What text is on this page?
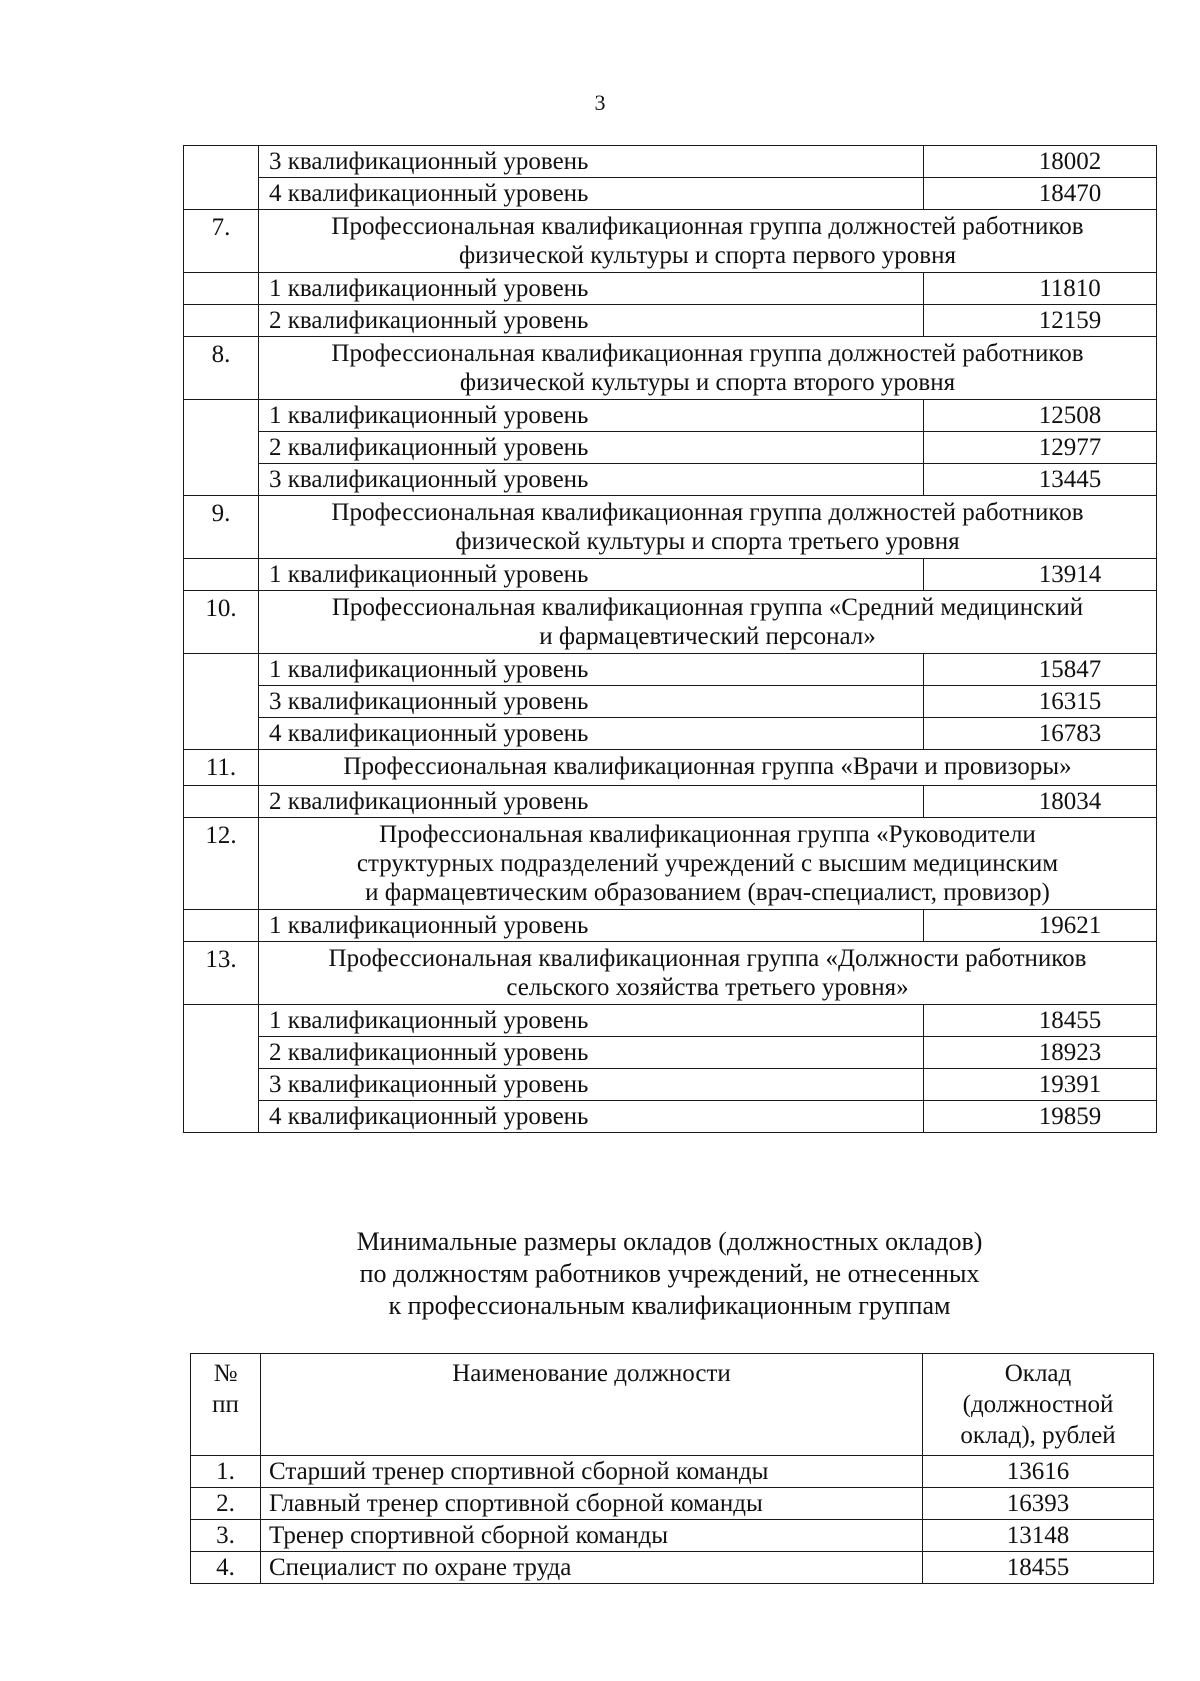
3
	3 квалификационный уровень	18002
	4 квалификационный уровень	18470
7.	Профессиональная квалификационная группа должностей работников
физической культуры и спорта первого уровня	

	1 квалификационный уровень	11810
	2 квалификационный уровень	12159
8.	Профессиональная квалификационная группа должностей работников
физической культуры и спорта второго уровня	

	1 квалификационный уровень	12508
	2 квалификационный уровень	12977
	3 квалификационный уровень	13445
9.	Профессиональная квалификационная группа должностей работников
физической культуры и спорта третьего уровня	

	1 квалификационный уровень	13914
10.	Профессиональная квалификационная группа «Средний медицинский
и фармацевтический персонал»	

	1 квалификационный уровень	15847
	3 квалификационный уровень	16315
	4 квалификационный уровень	16783
11.	Профессиональная квалификационная группа «Врачи и провизоры»	

	2 квалификационный уровень	18034
12.	Профессиональная квалификационная группа «Руководители
структурных подразделений учреждений с высшим медицинским
и фармацевтическим образованием (врач-специалист, провизор)	

	1 квалификационный уровень	19621
13.	Профессиональная квалификационная группа «Должности работников
сельского хозяйства третьего уровня»	

	1 квалификационный уровень	18455
	2 квалификационный уровень	18923
	3 квалификационный уровень	19391
	4 квалификационный уровень	19859
Минимальные размеры окладов (должностных окладов)
по должностям работников учреждений, не отнесенных
к профессиональным квалификационным группам
№
пп	Наименование должности	Оклад
(должностной
оклад), рублей

1.	Старший тренер спортивной сборной команды	13616
2.	Главный тренер спортивной сборной команды	16393
3.	Тренер спортивной сборной команды	13148
4.	Специалист по охране труда	18455
